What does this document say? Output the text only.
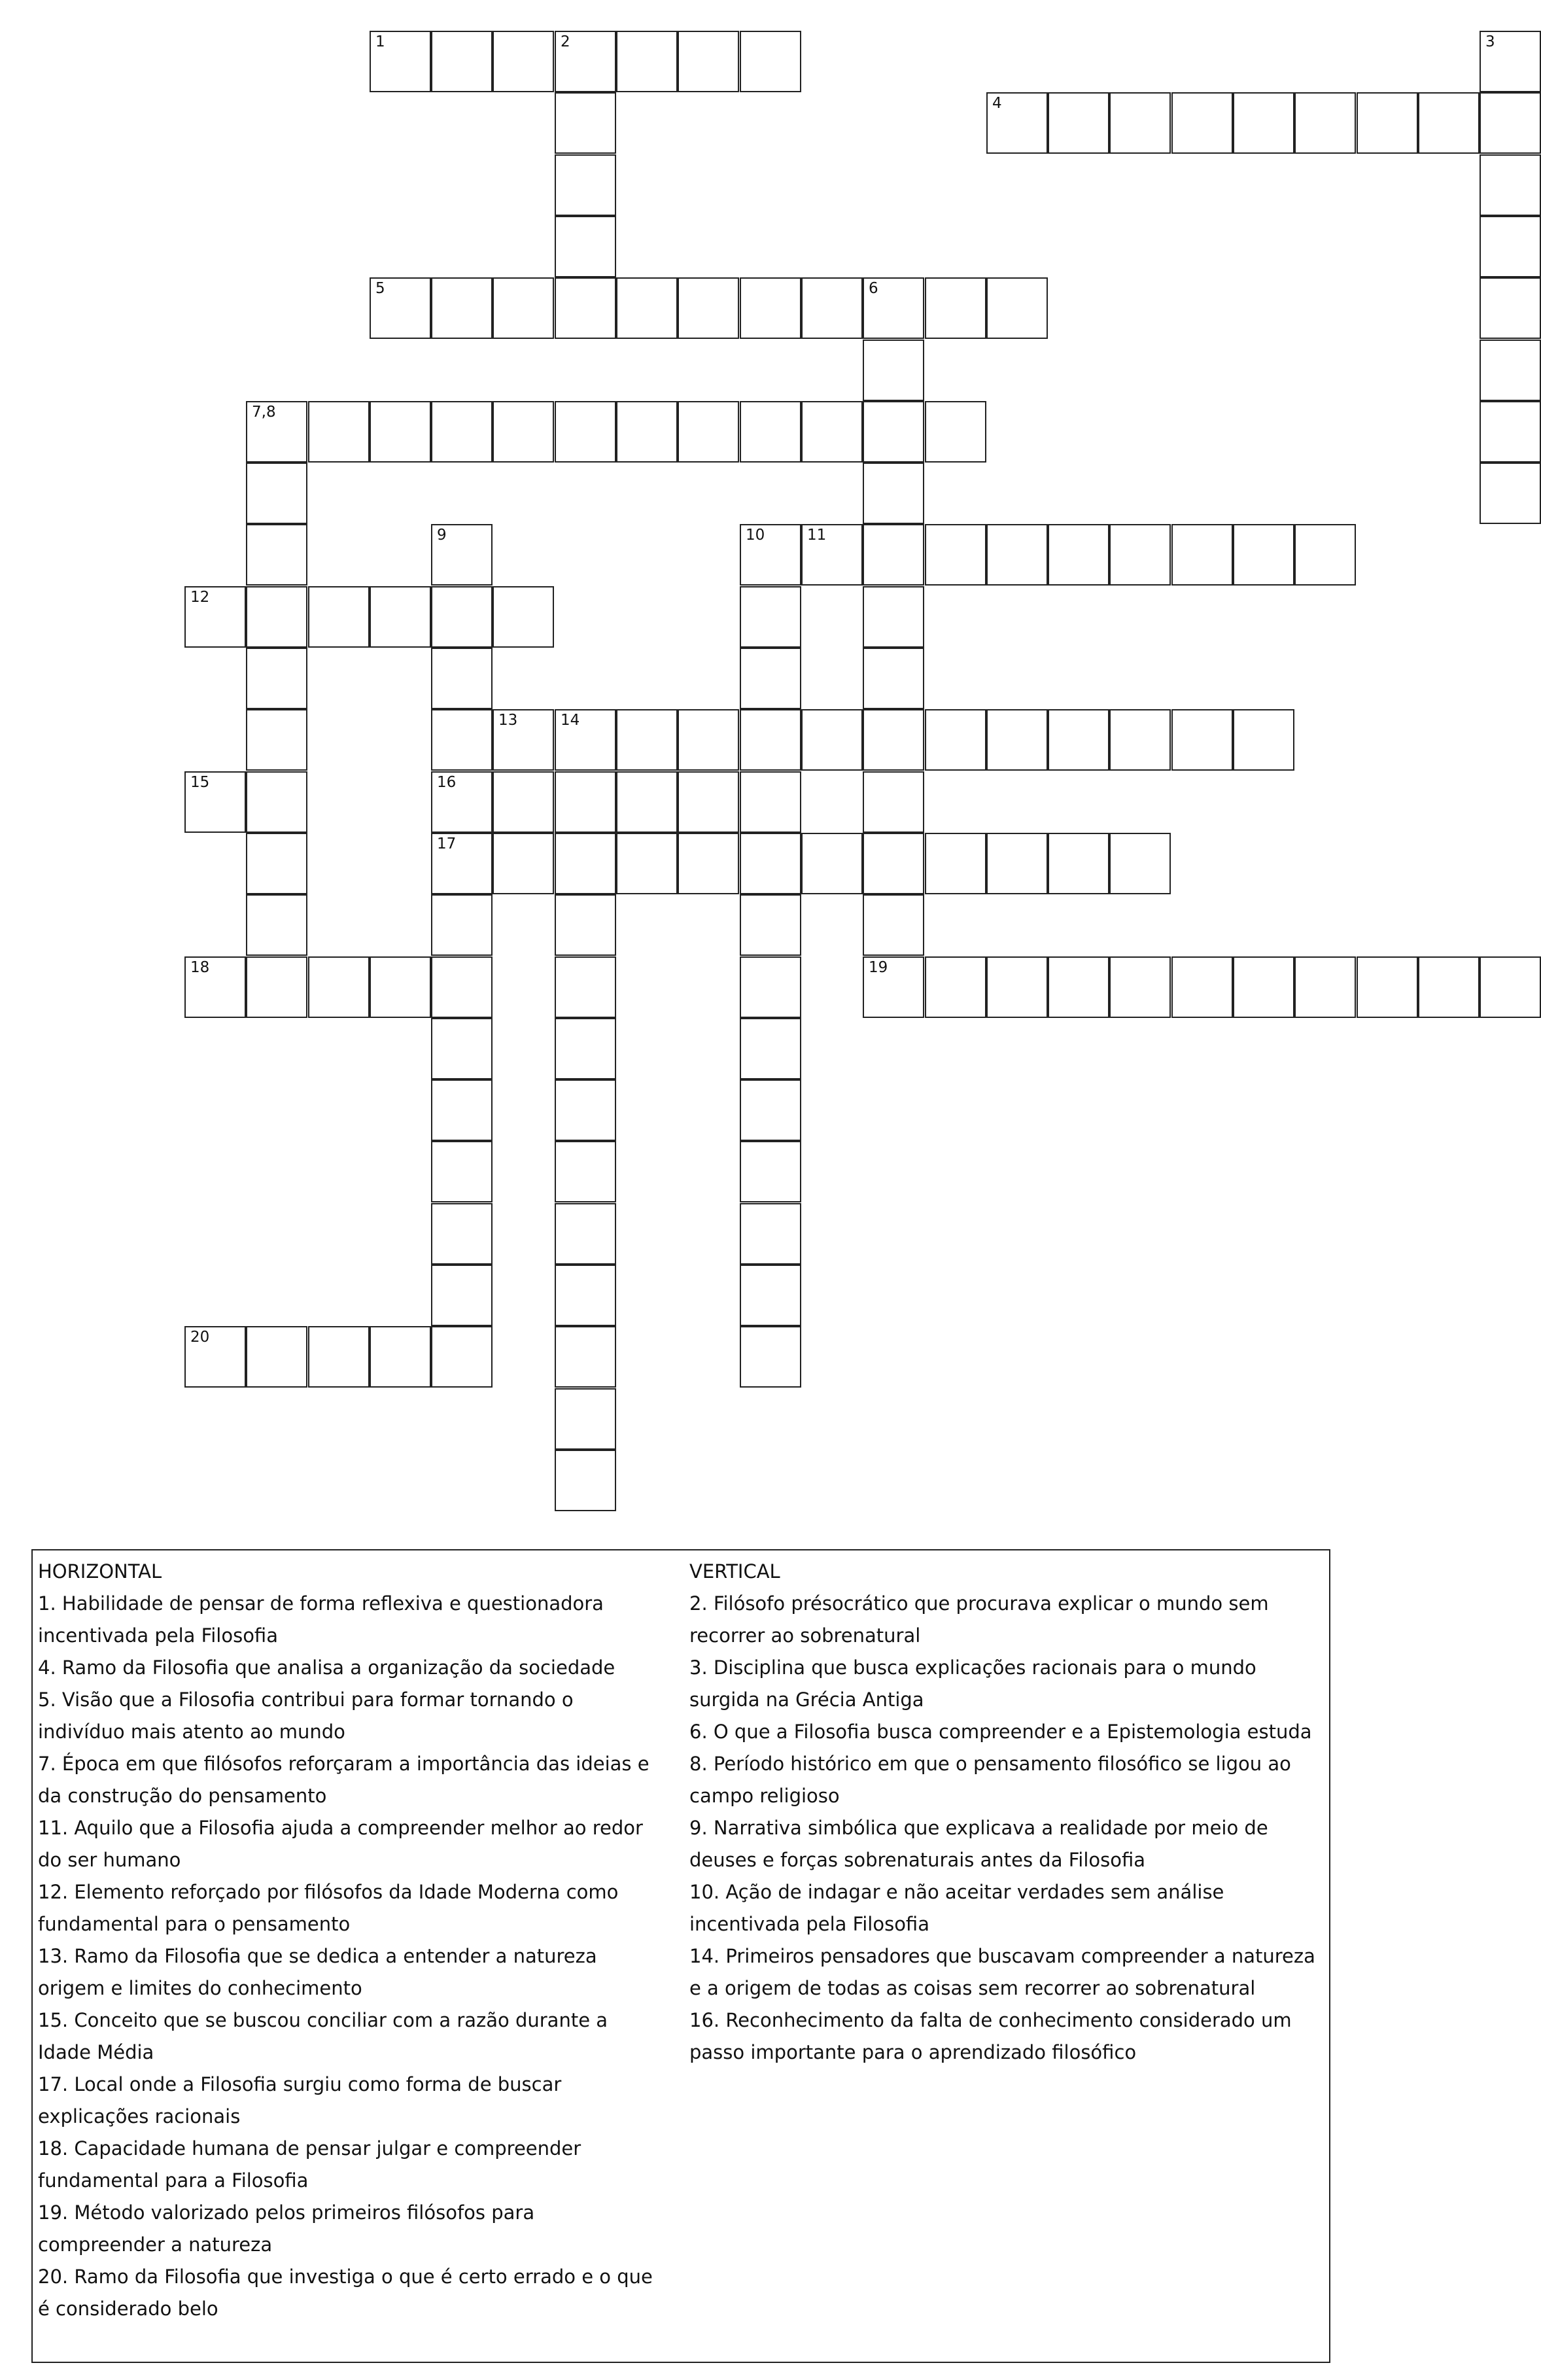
1	2	3
4
5	6
7,8
9	10	11
12
13	14
15	16
17
18	19
20
HORIZONTAL
1. Habilidade de pensar de forma reflexiva e questionadora incentivada pela Filosofia
4. Ramo da Filosofia que analisa a organização da sociedade
5. Visão que a Filosofia contribui para formar tornando o indivíduo mais atento ao mundo
7. Época em que filósofos reforçaram a importância das ideias e da construção do pensamento
11. Aquilo que a Filosofia ajuda a compreender melhor ao redor do ser humano
12. Elemento reforçado por filósofos da Idade Moderna como fundamental para o pensamento
13. Ramo da Filosofia que se dedica a entender a natureza origem e limites do conhecimento
15. Conceito que se buscou conciliar com a razão durante a Idade Média
17. Local onde a Filosofia surgiu como forma de buscar explicações racionais
18. Capacidade humana de pensar julgar e compreender fundamental para a Filosofia
19. Método valorizado pelos primeiros filósofos para compreender a natureza
20. Ramo da Filosofia que investiga o que é certo errado e o que é considerado belo
VERTICAL
2. Filósofo présocrático que procurava explicar o mundo sem recorrer ao sobrenatural
3. Disciplina que busca explicações racionais para o mundo surgida na Grécia Antiga
6. O que a Filosofia busca compreender e a Epistemologia estuda
8. Período histórico em que o pensamento filosófico se ligou ao campo religioso
9. Narrativa simbólica que explicava a realidade por meio de deuses e forças sobrenaturais antes da Filosofia
10. Ação de indagar e não aceitar verdades sem análise incentivada pela Filosofia
14. Primeiros pensadores que buscavam compreender a natureza e a origem de todas as coisas sem recorrer ao sobrenatural
16. Reconhecimento da falta de conhecimento considerado um passo importante para o aprendizado filosófico
